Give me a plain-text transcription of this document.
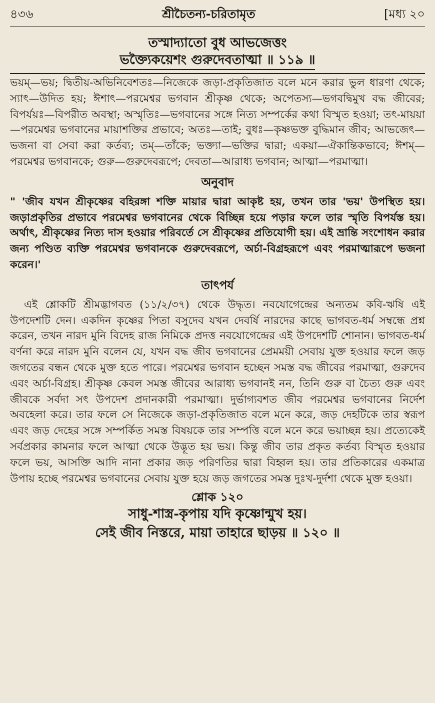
৪৩৬	শ্রীচৈতন্য-চরিতামৃত	[মধ্য ২০
তস্মাদ্যাতো বুধ আভজেত্তং
ভক্ত্যৈকয়েশং গুরুদেবতাত্মা ॥ ১১৯ ॥
ভয়ম্—ভয়; দ্বিতীয়-অভিনিবেশতঃ—নিজেকে জড়া-প্রকৃতিজাত বলে মনে করার ভুল ধারণা থেকে; স্যাৎ—উদিত হয়; ঈশাৎ—পরমেশ্বর ভগবান শ্রীকৃষ্ণ থেকে; অপেতস্য—ভগবদ্বিমুখ বদ্ধ জীবের; বিপর্যয়ঃ—বিপরীত অবস্থা; অস্মৃতিঃ—ভগবানের সঙ্গে নিত্য সম্পর্কের কথা বিস্মৃত হওয়া; তৎ-মায়য়া—পরমেশ্বর ভগবানের মায়াশক্তির প্রভাবে; অতঃ—তাই; বুধঃ—কৃষ্ণভক্ত বুদ্ধিমান জীব; আভজেৎ—ভজনা বা সেবা করা কর্তব্য; তম্—তাঁকে; ভক্ত্যা—ভক্তির দ্বারা; একয়া—ঐকান্তিকভাবে; ঈশম্—পরমেশ্বর ভগবানকে; গুরু—গুরুদেবরূপে; দেবতা—আরাধ্য ভগবান; আত্মা—পরমাত্মা।
অনুবাদ
" 'জীব যখন শ্রীকৃষ্ণের বহিরঙ্গা শক্তি মায়ার দ্বারা আকৃষ্ট হয়, তখন তার 'ভয়' উপস্থিত হয়। জড়াপ্রকৃতির প্রভাবে পরমেশ্বর ভগবানের থেকে বিচ্ছিন্ন হয়ে পড়ার ফলে তার স্মৃতি বিপর্যস্ত হয়। অর্থাৎ, শ্রীকৃষ্ণের নিত্য দাস হওয়ার পরিবর্তে সে শ্রীকৃষ্ণের প্রতিযোগী হয়। এই ভ্রান্তি সংশোধন করার জন্য পণ্ডিত ব্যক্তি পরমেশ্বর ভগবানকে গুরুদেবরূপে, অর্চা-বিগ্রহরূপে এবং পরমাত্মারূপে ভজনা করেন।'
তাৎপর্য

এই শ্লোকটি শ্রীমদ্ভাগবত (১১/২/৩৭) থেকে উদ্ধৃত। নবযোগেন্দ্রের অন্যতম কবি-ঋষি এই উপদেশটি দেন। একদিন কৃষ্ণের পিতা বসুদেব যখন দেবর্ষি নারদের কাছে ভাগবত-ধর্ম সম্বন্ধে প্রশ্ন করেন, তখন নারদ মুনি বিদেহ রাজ নিমিকে প্রদত্ত নবযোগেন্দ্রের এই উপদেশটি শোনান। ভাগবত-ধর্ম বর্ণনা করে নারদ মুনি বলেন যে, যখন বদ্ধ জীব ভগবানের প্রেমময়ী সেবায় যুক্ত হওয়ার ফলে জড় জগতের বন্ধন থেকে মুক্ত হতে পারে। পরমেশ্বর ভগবান হচ্ছেন সমস্ত বদ্ধ জীবের পরমাত্মা, গুরুদেব এবং অর্চা-বিগ্রহ। শ্রীকৃষ্ণ কেবল সমস্ত জীবের আরাধ্য ভগবানই নন, তিনি গুরু বা চৈত্য গুরু এবং জীবকে সর্বদা সৎ উপদেশ প্রদানকারী পরমাত্মা। দুর্ভাগ্যবশত জীব পরমেশ্বর ভগবানের নির্দেশ অবহেলা করে। তার ফলে সে নিজেকে জড়া-প্রকৃতিজাত বলে মনে করে, জড় দেহটিকে তার স্বরূপ এবং জড় দেহের সঙ্গে সম্পর্কিত সমস্ত বিষয়কে তার সম্পত্তি বলে মনে করে ভয়াচ্ছন্ন হয়। প্রত্যেকেই সর্বপ্রকার কামনার ফলে আত্মা থেকে উদ্ভূত হয় ভয়। কিন্তু জীব তার প্রকৃত কর্তব্য বিস্মৃত হওয়ার ফলে ভয়, আসক্তি আদি নানা প্রকার জড় পরিণতির দ্বারা বিহ্বল হয়। তার প্রতিকারের একমাত্র উপায় হচ্ছে পরমেশ্বর ভগবানের সেবায় যুক্ত হয়ে জড় জগতের সমস্ত দুঃখ-দুর্দশা থেকে মুক্ত হওয়া।

শ্লোক ১২০
সাধু-শাস্ত্র-কৃপায় যদি কৃষ্ণোন্মুখ হয়।
সেই জীব নিস্তরে, মায়া তাহারে ছাড়য় ॥ ১২০ ॥
